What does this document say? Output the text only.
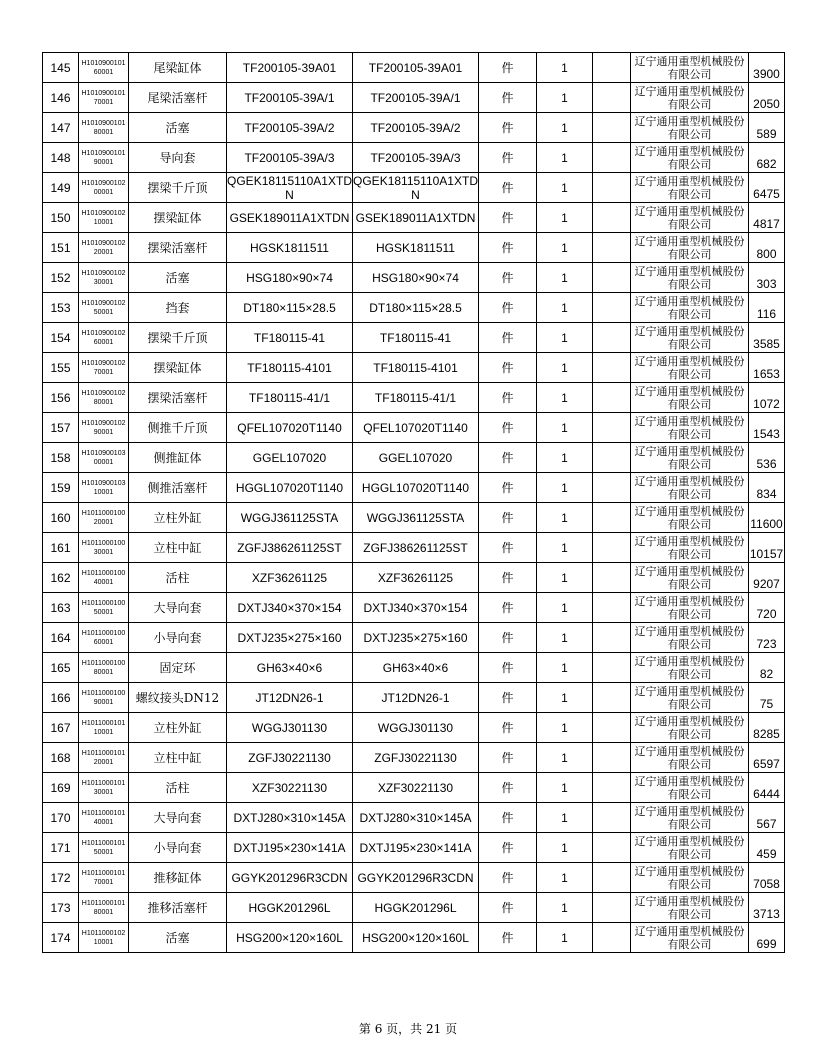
145	H101090010160001	尾梁缸体	TF200105-39A01	TF200105-39A01	件	1		辽宁通用重型机械股份有限公司	3900
146	H101090010170001	尾梁活塞杆	TF200105-39A/1	TF200105-39A/1	件	1		辽宁通用重型机械股份有限公司	2050
147	H101090010180001	活塞	TF200105-39A/2	TF200105-39A/2	件	1		辽宁通用重型机械股份有限公司	589
148	H101090010190001	导向套	TF200105-39A/3	TF200105-39A/3	件	1		辽宁通用重型机械股份有限公司	682
149	H101090010200001	摆梁千斤顶	QGEK18115110A1XTDN	QGEK18115110A1XTDN	件	1		辽宁通用重型机械股份有限公司	6475
150	H101090010210001	摆梁缸体	GSEK189011A1XTDN	GSEK189011A1XTDN	件	1		辽宁通用重型机械股份有限公司	4817
151	H101090010220001	摆梁活塞杆	HGSK1811511	HGSK1811511	件	1		辽宁通用重型机械股份有限公司	800
152	H101090010230001	活塞	HSG180×90×74	HSG180×90×74	件	1		辽宁通用重型机械股份有限公司	303
153	H101090010250001	挡套	DT180×115×28.5	DT180×115×28.5	件	1		辽宁通用重型机械股份有限公司	116
154	H101090010260001	摆梁千斤顶	TF180115-41	TF180115-41	件	1		辽宁通用重型机械股份有限公司	3585
155	H101090010270001	摆梁缸体	TF180115-4101	TF180115-4101	件	1		辽宁通用重型机械股份有限公司	1653
156	H101090010280001	摆梁活塞杆	TF180115-41/1	TF180115-41/1	件	1		辽宁通用重型机械股份有限公司	1072
157	H101090010290001	侧推千斤顶	QFEL107020T1140	QFEL107020T1140	件	1		辽宁通用重型机械股份有限公司	1543
158	H101090010300001	侧推缸体	GGEL107020	GGEL107020	件	1		辽宁通用重型机械股份有限公司	536
159	H101090010310001	侧推活塞杆	HGGL107020T1140	HGGL107020T1140	件	1		辽宁通用重型机械股份有限公司	834
160	H101100010020001	立柱外缸	WGGJ361125STA	WGGJ361125STA	件	1		辽宁通用重型机械股份有限公司	11600
161	H101100010030001	立柱中缸	ZGFJ386261125ST	ZGFJ386261125ST	件	1		辽宁通用重型机械股份有限公司	10157
162	H101100010040001	活柱	XZF36261125	XZF36261125	件	1		辽宁通用重型机械股份有限公司	9207
163	H101100010050001	大导向套	DXTJ340×370×154	DXTJ340×370×154	件	1		辽宁通用重型机械股份有限公司	720
164	H101100010060001	小导向套	DXTJ235×275×160	DXTJ235×275×160	件	1		辽宁通用重型机械股份有限公司	723
165	H101100010080001	固定环	GH63×40×6	GH63×40×6	件	1		辽宁通用重型机械股份有限公司	82
166	H101100010090001	螺纹接头DN12	JT12DN26-1	JT12DN26-1	件	1		辽宁通用重型机械股份有限公司	75
167	H101100010110001	立柱外缸	WGGJ301130	WGGJ301130	件	1		辽宁通用重型机械股份有限公司	8285
168	H101100010120001	立柱中缸	ZGFJ30221130	ZGFJ30221130	件	1		辽宁通用重型机械股份有限公司	6597
169	H101100010130001	活柱	XZF30221130	XZF30221130	件	1		辽宁通用重型机械股份有限公司	6444
170	H101100010140001	大导向套	DXTJ280×310×145A	DXTJ280×310×145A	件	1		辽宁通用重型机械股份有限公司	567
171	H101100010150001	小导向套	DXTJ195×230×141A	DXTJ195×230×141A	件	1		辽宁通用重型机械股份有限公司	459
172	H101100010170001	推移缸体	GGYK201296R3CDN	GGYK201296R3CDN	件	1		辽宁通用重型机械股份有限公司	7058
173	H101100010180001	推移活塞杆	HGGK201296L	HGGK201296L	件	1		辽宁通用重型机械股份有限公司	3713
174	H101100010210001	活塞	HSG200×120×160L	HSG200×120×160L	件	1		辽宁通用重型机械股份有限公司	699
第 6 页，共 21 页
